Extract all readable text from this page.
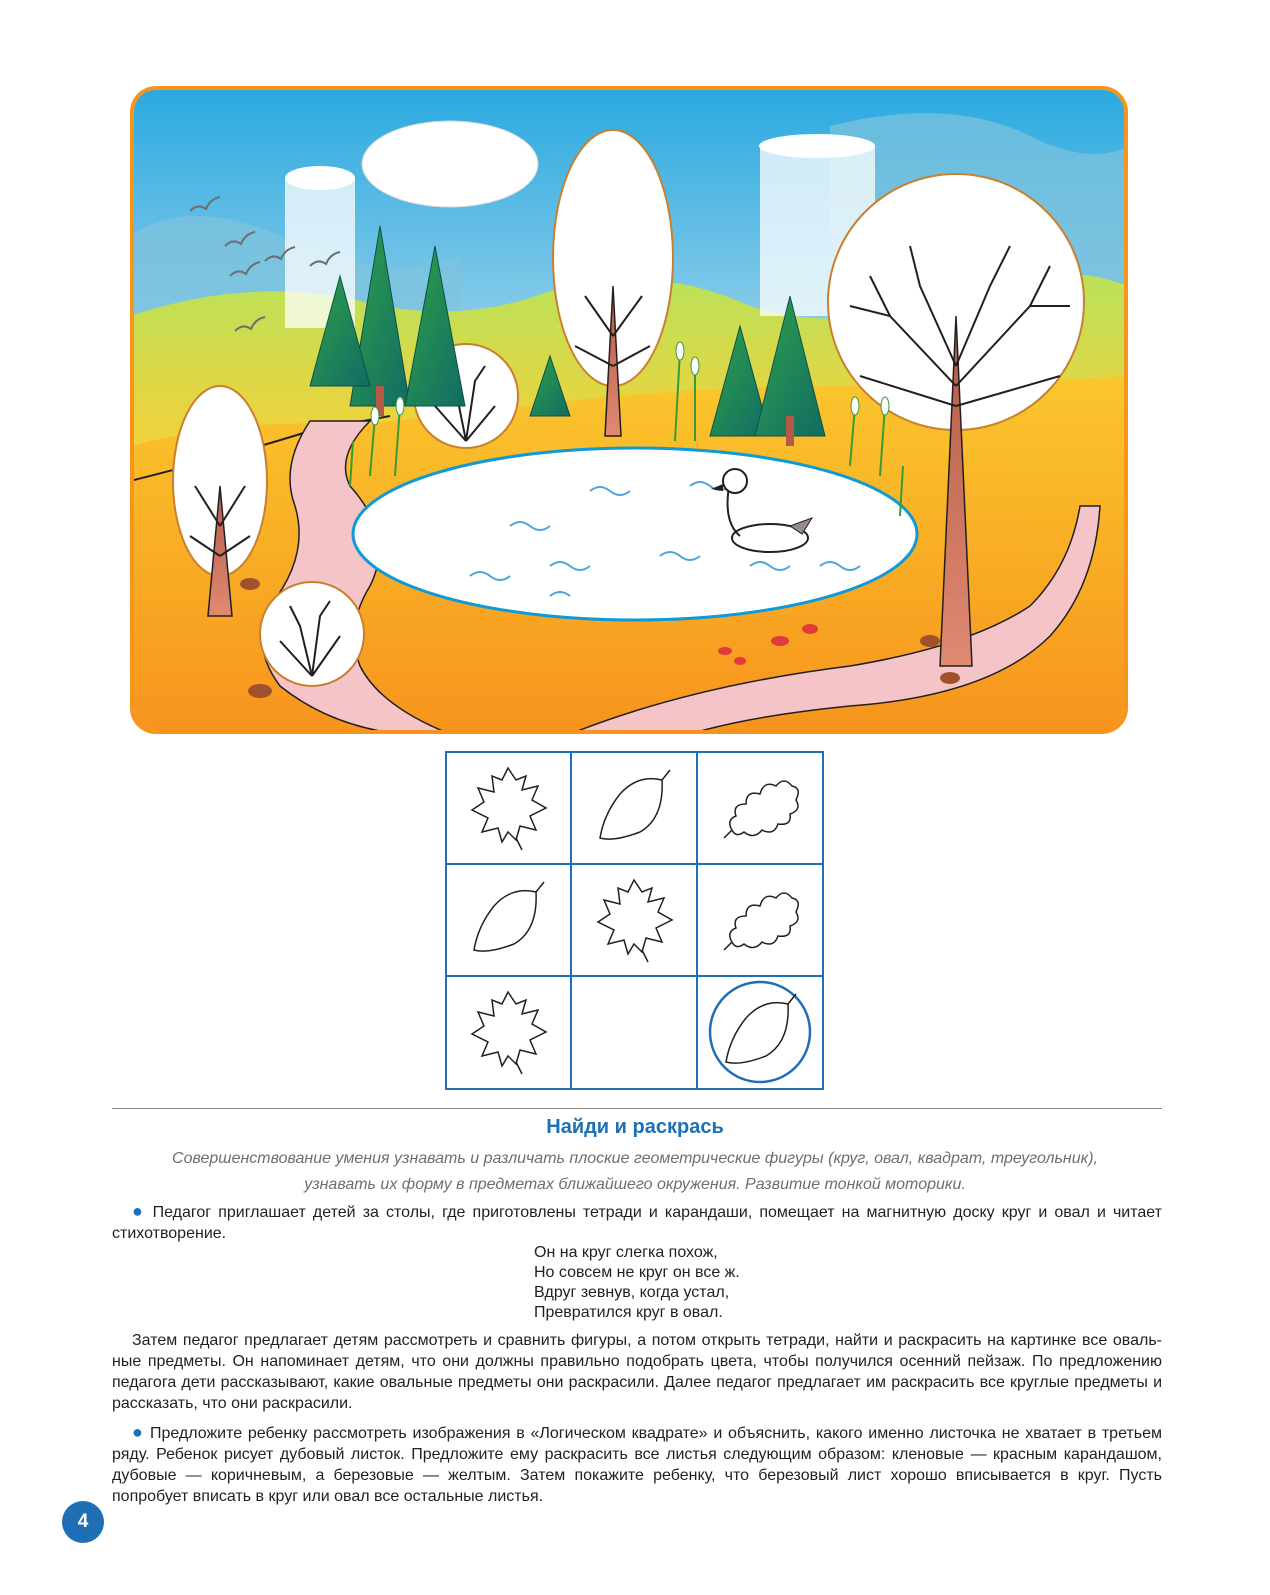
Найди и раскрась
Совершенствование умения узнавать и различать плоские геометрические фигуры (круг, овал, квадрат, треугольник), узнавать их форму в предметах ближайшего окружения. Развитие тонкой моторики.
● Педагог приглашает детей за столы, где приготовлены тетради и карандаши, помещает на магнитную доску круг и овал и читает стихотворение.
Он на круг слегка похож,
Но совсем не круг он все ж.
Вдруг зевнув, когда устал,
Превратился круг в овал.
Затем педагог предлагает детям рассмотреть и сравнить фигуры, а потом открыть тетради, найти и раскрасить на картинке все овальные предметы. Он напоминает детям, что они должны правильно подобрать цвета, чтобы получился осенний пейзаж. По предложению педагога дети рассказывают, какие овальные предметы они раскрасили. Далее педагог предлагает им раскрасить все круглые предметы и рассказать, что они раскрасили.
● Предложите ребенку рассмотреть изображения в «Логическом квадрате» и объяснить, какого именно листочка не хватает в третьем ряду. Ребенок рисует дубовый листок. Предложите ему раскрасить все листья следующим образом: кленовые — красным карандашом, дубовые — коричневым, а березовые — желтым. Затем покажите ребенку, что березовый лист хорошо вписывается в круг. Пусть попробует вписать в круг или овал все остальные листья.
4
